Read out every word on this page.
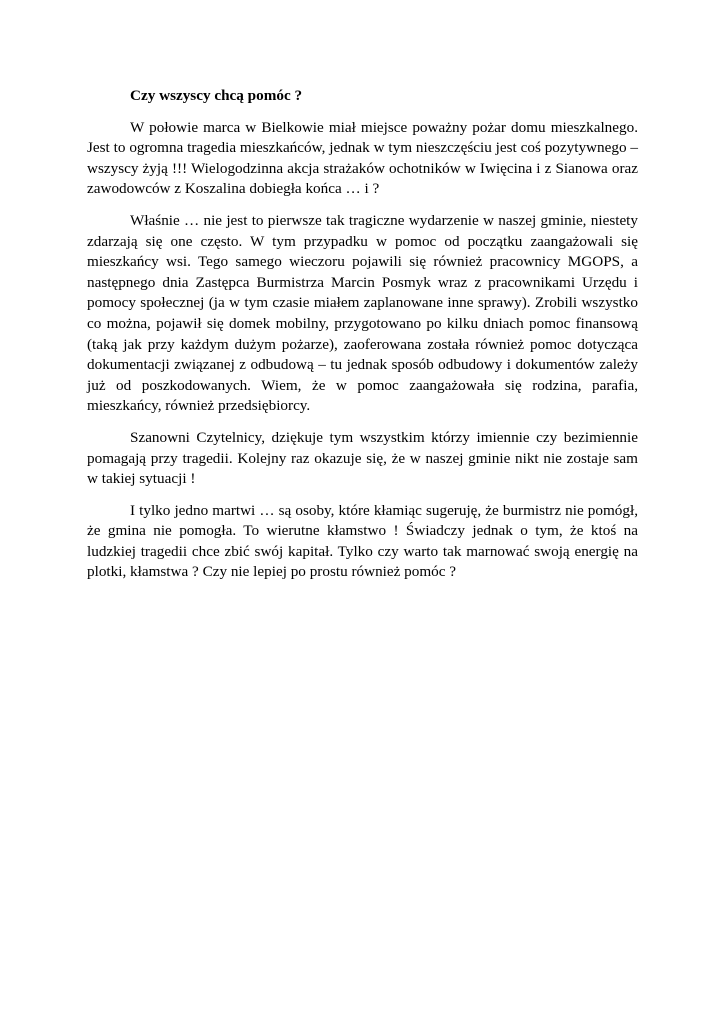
Czy wszyscy chcą pomóc ?

W połowie marca w Bielkowie miał miejsce poważny pożar domu mieszkalnego. Jest to ogromna tragedia mieszkańców, jednak w tym nieszczęściu jest coś pozytywnego – wszyscy żyją !!! Wielogodzinna akcja strażaków ochotników w Iwięcina i z Sianowa oraz zawodowców z Koszalina dobiegła końca … i ?

Właśnie … nie jest to pierwsze tak tragiczne wydarzenie w naszej gminie, niestety zdarzają się one często. W tym przypadku w pomoc od początku zaangażowali się mieszkańcy wsi. Tego samego wieczoru pojawili się również pracownicy MGOPS, a następnego dnia Zastępca Burmistrza Marcin Posmyk wraz z pracownikami Urzędu i pomocy społecznej (ja w tym czasie miałem zaplanowane inne sprawy). Zrobili wszystko co można, pojawił się domek mobilny, przygotowano po kilku dniach pomoc finansową (taką jak przy każdym dużym pożarze), zaoferowana została również pomoc dotycząca dokumentacji związanej z odbudową – tu jednak sposób odbudowy i dokumentów zależy już od poszkodowanych. Wiem, że w pomoc zaangażowała się rodzina, parafia, mieszkańcy, również przedsiębiorcy.

Szanowni Czytelnicy, dziękuje tym wszystkim którzy imiennie czy bezimiennie pomagają przy tragedii. Kolejny raz okazuje się, że w naszej gminie nikt nie zostaje sam w takiej sytuacji !

I tylko jedno martwi … są osoby, które kłamiąc sugeruję, że burmistrz nie pomógł, że gmina nie pomogła. To wierutne kłamstwo ! Świadczy jednak o tym, że ktoś na ludzkiej tragedii chce zbić swój kapitał. Tylko czy warto tak marnować swoją energię na plotki, kłamstwa ? Czy nie lepiej po prostu również pomóc ?
